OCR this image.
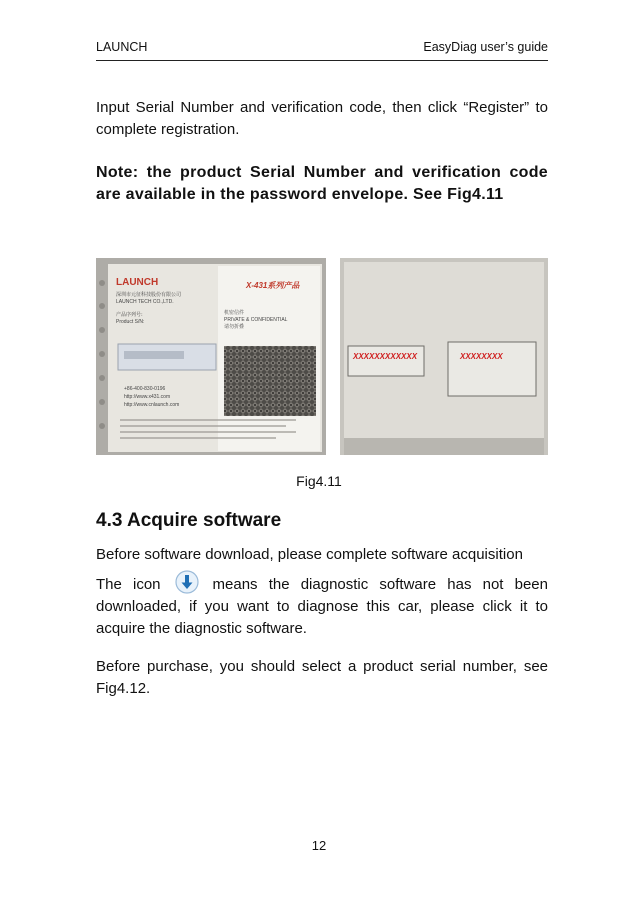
LAUNCH	EasyDiag user’s guide

Input Serial Number and verification code, then click “Register” to complete registration.

Note: the product Serial Number and verification code are available in the password envelope. See Fig4.11

LAUNCH
深圳市元征科技股份有限公司
LAUNCH TECH CO.,LTD.
产品序列号:
Product S/N:
X-431系列产品
机密信件
PRIVATE & CONFIDENTIAL
请勿折叠
+86-400-830-0196
http://www.x431.com
http://www.cnlaunch.com
XXXXXXXXXXXX	XXXXXXXX
Fig4.11
4.3 Acquire software

Before software download, please complete software acquisition

The icon	means the diagnostic software has not been downloaded, if you want to diagnose this car, please click it to acquire the diagnostic software.

Before purchase, you should select a product serial number, see Fig4.12.

12
